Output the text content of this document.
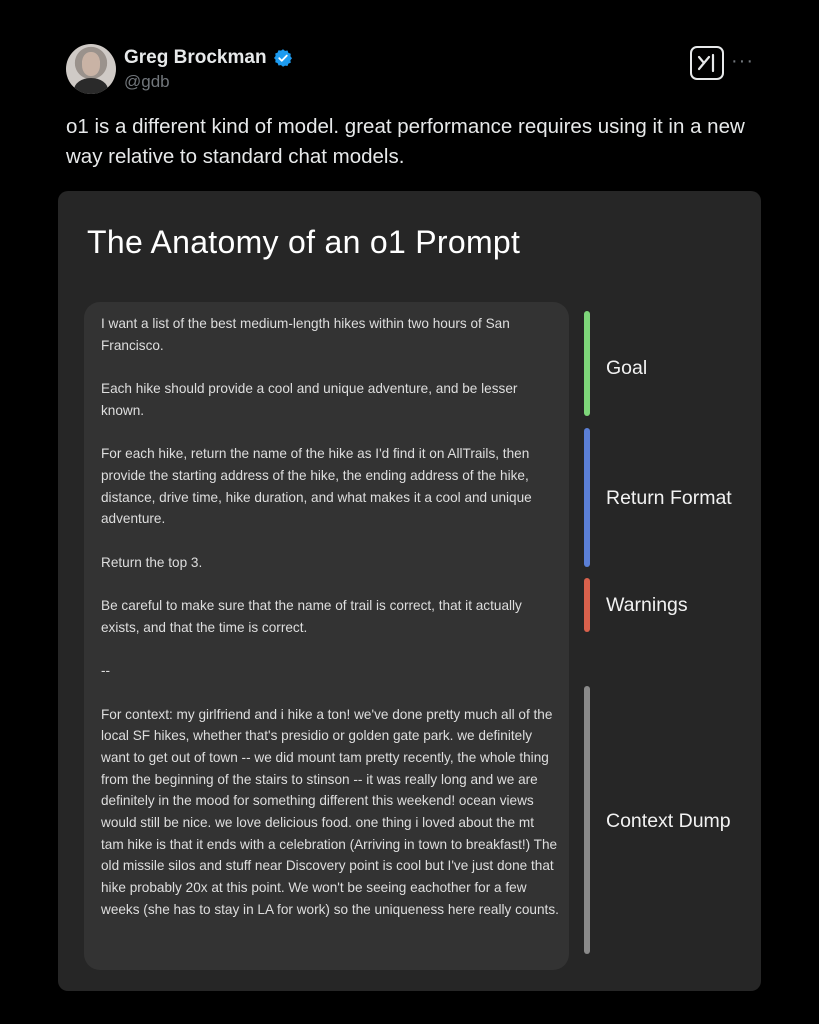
Greg Brockman
@gdb
···
o1 is a different kind of model. great performance requires using it in a new way relative to standard chat models.
The Anatomy of an o1 Prompt

I want a list of the best medium-length hikes within two hours of San Francisco.

Each hike should provide a cool and unique adventure, and be lesser known.

For each hike, return the name of the hike as I'd find it on AllTrails, then provide the starting address of the hike, the ending address of the hike, distance, drive time, hike duration, and what makes it a cool and unique adventure.

Return the top 3.

Be careful to make sure that the name of trail is correct, that it actually exists, and that the time is correct.

--

For context: my girlfriend and i hike a ton! we've done pretty much all of the local SF hikes, whether that's presidio or golden gate park. we definitely want to get out of town -- we did mount tam pretty recently, the whole thing from the beginning of the stairs to stinson -- it was really long and we are definitely in the mood for something different this weekend! ocean views would still be nice. we love delicious food. one thing i loved about the mt tam hike is that it ends with a celebration (Arriving in town to breakfast!) The old missile silos and stuff near Discovery point is cool but I've just done that hike probably 20x at this point. We won't be seeing eachother for a few weeks (she has to stay in LA for work) so the uniqueness here really counts.

Goal
Return Format
Warnings
Context Dump
